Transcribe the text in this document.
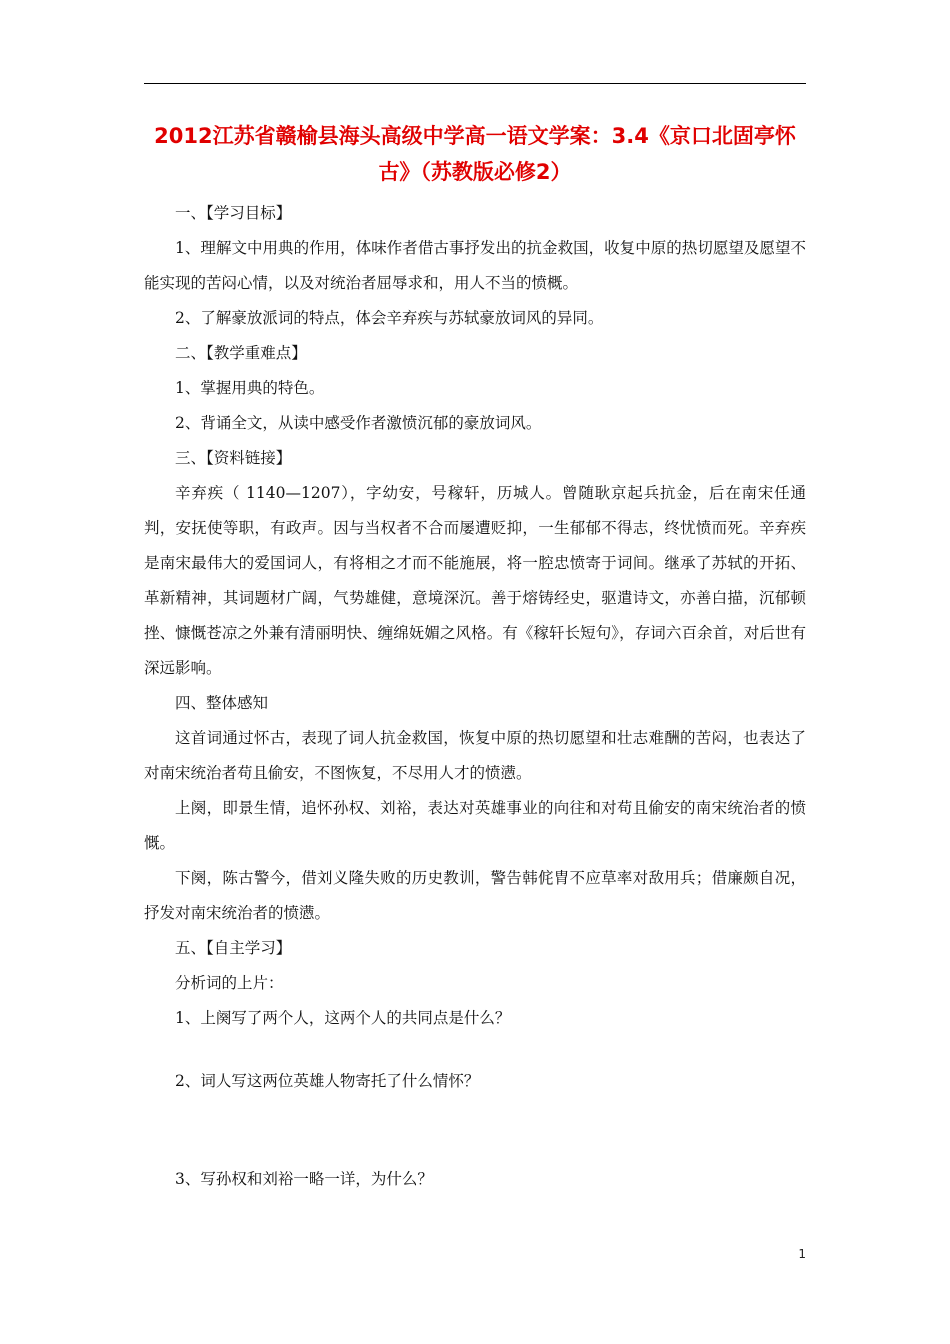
2012江苏省赣榆县海头高级中学高一语文学案：3.4《京口北固亭怀古》（苏教版必修2）

一、【学习目标】

1、理解文中用典的作用，体味作者借古事抒发出的抗金救国，收复中原的热切愿望及愿望不能实现的苦闷心情，以及对统治者屈辱求和，用人不当的愤概。

2、了解豪放派词的特点，体会辛弃疾与苏轼豪放词风的异同。

二、【教学重难点】

1、掌握用典的特色。

2、背诵全文，从读中感受作者激愤沉郁的豪放词风。

三、【资料链接】

辛弃疾（ 1140—1207），字幼安，号稼轩，历城人。曾随耿京起兵抗金，后在南宋任通判，安抚使等职，有政声。因与当权者不合而屡遭贬抑，一生郁郁不得志，终忧愤而死。辛弃疾是南宋最伟大的爱国词人，有将相之才而不能施展，将一腔忠愤寄于词间。继承了苏轼的开拓、革新精神，其词题材广阔，气势雄健，意境深沉。善于熔铸经史，驱遣诗文，亦善白描，沉郁顿挫、慷慨苍凉之外兼有清丽明快、缠绵妩媚之风格。有《稼轩长短句》，存词六百余首，对后世有深远影响。

四、整体感知

这首词通过怀古，表现了词人抗金救国，恢复中原的热切愿望和壮志难酬的苦闷，也表达了对南宋统治者苟且偷安，不图恢复，不尽用人才的愤懑。

上阕，即景生情，追怀孙权、刘裕，表达对英雄事业的向往和对苟且偷安的南宋统治者的愤慨。

下阕，陈古警今，借刘义隆失败的历史教训，警告韩侂胄不应草率对敌用兵；借廉颇自况，抒发对南宋统治者的愤懑。

五、【自主学习】

分析词的上片：

1、上阕写了两个人，这两个人的共同点是什么？

2、词人写这两位英雄人物寄托了什么情怀？

3、写孙权和刘裕一略一详，为什么？

1
